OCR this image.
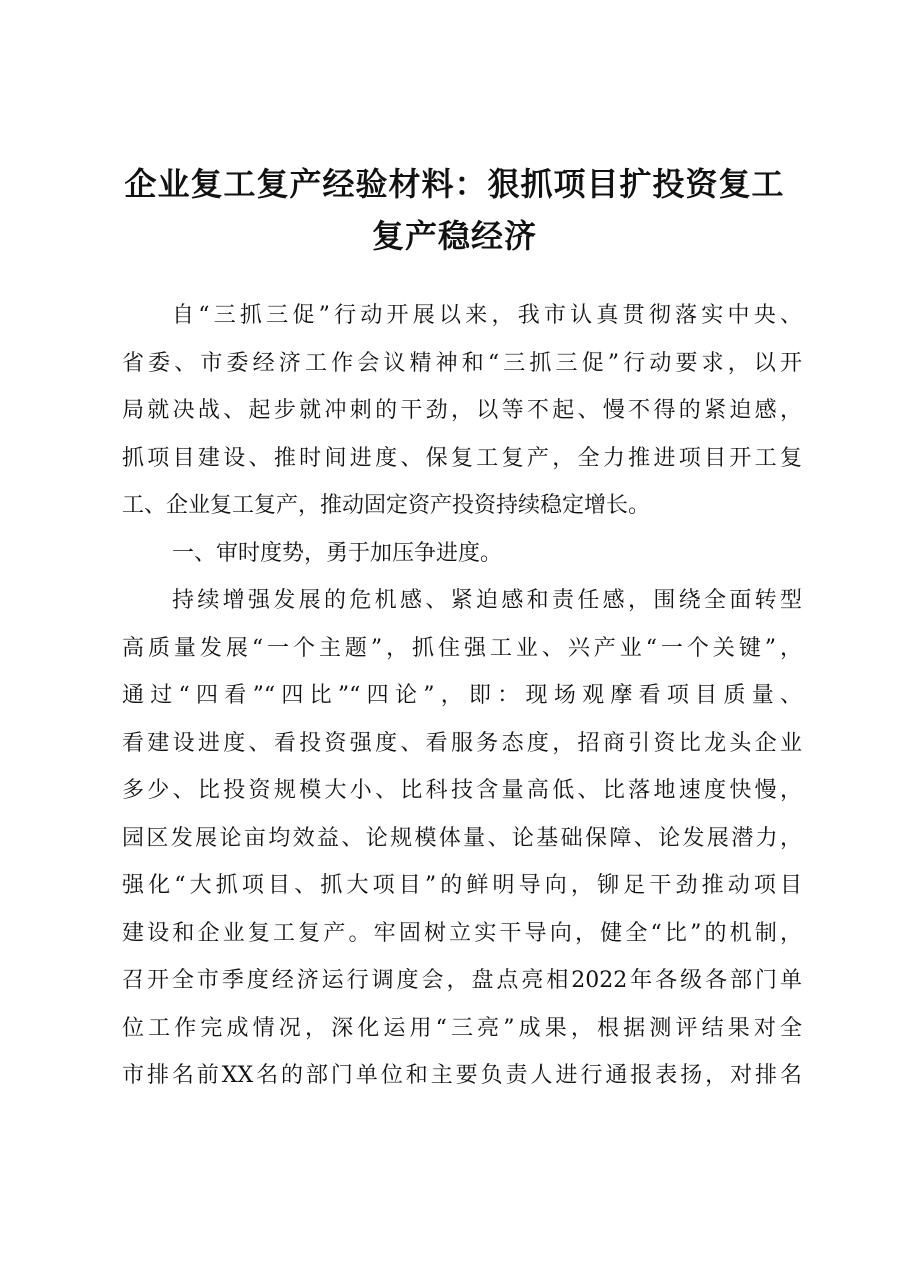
企业复工复产经验材料：狠抓项目扩投资复工
复产稳经济
自“三抓三促”行动开展以来，我市认真贯彻落实中央、
省委、市委经济工作会议精神和“三抓三促”行动要求，以开
局就决战、起步就冲刺的干劲，以等不起、慢不得的紧迫感，
抓项目建设、推时间进度、保复工复产，全力推进项目开工复
工、企业复工复产，推动固定资产投资持续稳定增长。
一、审时度势，勇于加压争进度。
持续增强发展的危机感、紧迫感和责任感，围绕全面转型
高质量发展“一个主题”，抓住强工业、兴产业“一个关键”，
通过“四看”“四比”“四论”，即：现场观摩看项目质量、
看建设进度、看投资强度、看服务态度，招商引资比龙头企业
多少、比投资规模大小、比科技含量高低、比落地速度快慢，
园区发展论亩均效益、论规模体量、论基础保障、论发展潜力，
强化“大抓项目、抓大项目”的鲜明导向，铆足干劲推动项目
建设和企业复工复产。牢固树立实干导向，健全“比”的机制，
召开全市季度经济运行调度会，盘点亮相2022年各级各部门单
位工作完成情况，深化运用“三亮”成果，根据测评结果对全
市排名前XX名的部门单位和主要负责人进行通报表扬，对排名
